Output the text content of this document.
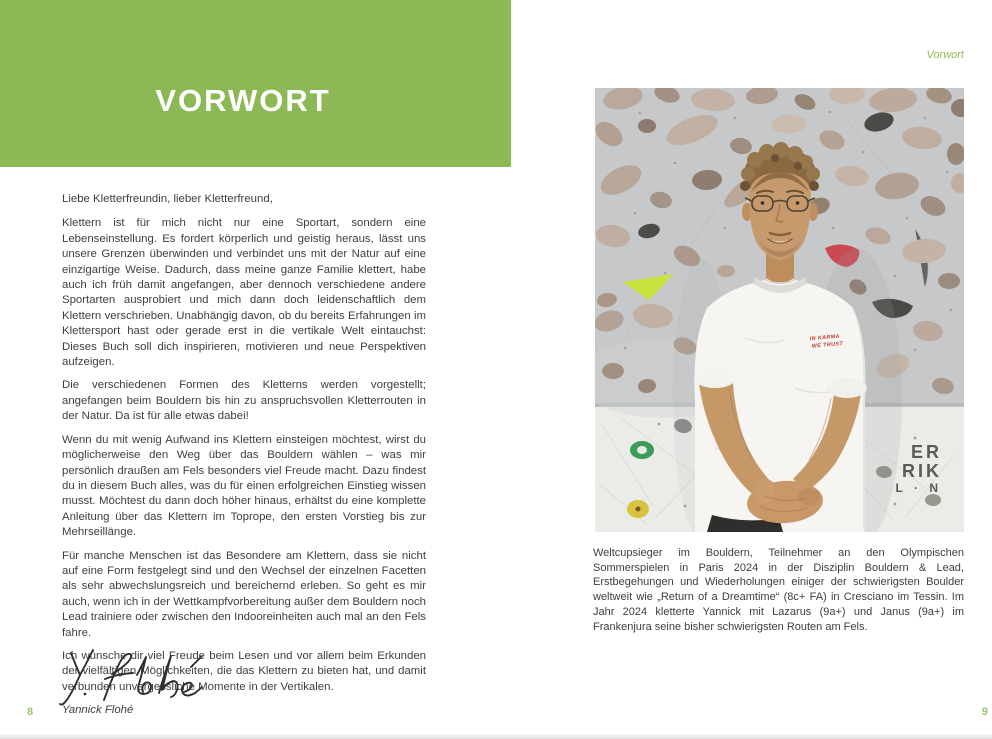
VORWORT

Liebe Kletterfreundin, lieber Kletterfreund,

Klettern ist für mich nicht nur eine Sportart, sondern eine Lebenseinstellung. Es fordert körperlich und geistig heraus, lässt uns unsere Grenzen überwinden und verbindet uns mit der Natur auf eine einzigartige Weise. Dadurch, dass meine ganze Familie klettert, habe auch ich früh damit angefangen, aber dennoch verschiedene andere Sportarten ausprobiert und mich dann doch leidenschaftlich dem Klettern verschrieben. Unabhängig davon, ob du bereits Erfahrungen im Klettersport hast oder gerade erst in die vertikale Welt eintauchst: Dieses Buch soll dich inspirieren, motivieren und neue Perspektiven aufzeigen.

Die verschiedenen Formen des Kletterns werden vorgestellt; angefangen beim Bouldern bis hin zu anspruchsvollen Kletterrouten in der Natur. Da ist für alle etwas dabei!

Wenn du mit wenig Aufwand ins Klettern einsteigen möchtest, wirst du möglicherweise den Weg über das Bouldern wählen – was mir persönlich draußen am Fels besonders viel Freude macht. Dazu findest du in diesem Buch alles, was du für einen erfolgreichen Einstieg wissen musst. Möchtest du dann doch höher hinaus, erhältst du eine komplette Anleitung über das Klettern im Toprope, den ersten Vorstieg bis zur Mehrseillänge.

Für manche Menschen ist das Besondere am Klettern, dass sie nicht auf eine Form festgelegt sind und den Wechsel der einzelnen Facetten als sehr abwechslungsreich und bereichernd erleben. So geht es mir auch, wenn ich in der Wettkampfvorbereitung außer dem Bouldern noch Lead trainiere oder zwischen den Indooreinheiten auch mal an den Fels fahre.

Ich wünsche dir viel Freude beim Lesen und vor allem beim Erkunden der vielfältigen Möglichkeiten, die das Klettern zu bieten hat, und damit verbunden unvergessliche Momente in der Vertikalen.

Yannick Flohé

8
Vorwort
ER
RIK
L · N
IN KARMA
WE TRUST
Weltcupsieger im Bouldern, Teilnehmer an den Olympischen Sommerspielen in Paris 2024 in der Disziplin Bouldern & Lead, Erstbegehungen und Wiederholungen einiger der schwierigsten Boulder weltweit wie „Return of a Dreamtime“ (8c+ FA) in Cresciano im Tessin. Im Jahr 2024 kletterte Yannick mit Lazarus (9a+) und Janus (9a+) im Frankenjura seine bisher schwierigsten Routen am Fels.
9
